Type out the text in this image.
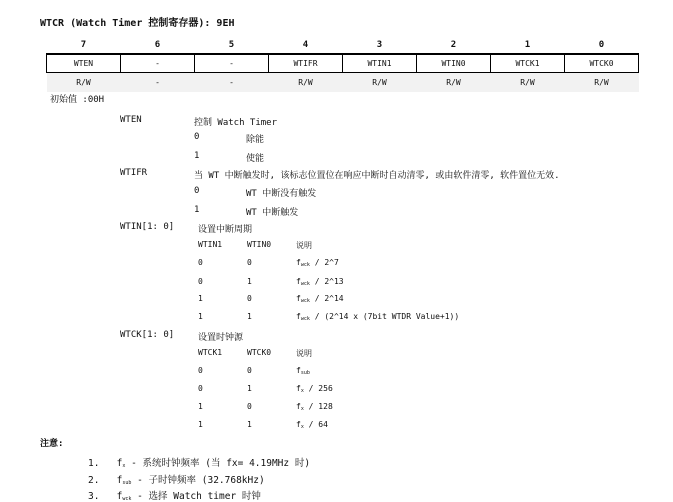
WTCR (Watch Timer 控制寄存器): 9EH
7	6	5	4	3	2	1	0
WTEN	-	-	WTIFR	WTIN1	WTIN0	WTCK1	WTCK0
R/W	-	-	R/W	R/W	R/W	R/W	R/W
初始值 :00H
WTEN	控制 Watch Timer
0	除能
1	使能
WTIFR	当 WT 中断触发时, 该标志位置位在响应中断时自动清零, 或由软件清零, 软件置位无效.
0	WT 中断没有触发
1	WT 中断触发
WTIN[1: 0]	设置中断周期
WTIN1	WTIN0	说明
0	0	$f_{wck}$ / 2^7
0	1	$f_{wck}$ / 2^13
1	0	$f_{wck}$ / 2^14
1	1	$f_{wck}$ / (2^14 x (7bit WTDR Value+1))
WTCK[1: 0]	设置时钟源
WTCK1	WTCK0	说明
0	0	$f_{sub}$
0	1	$f_x / 256$
1	0	$f_x / 128$
1	1	$f_x / 64$
注意:
1. $f_x$ - 系统时钟频率 (当 fx= 4.19MHz 时)
2. $f_{sub}$ - 子时钟频率 (32.768kHz)
3. $f_{wck}$ - 选择 Watch timer 时钟
